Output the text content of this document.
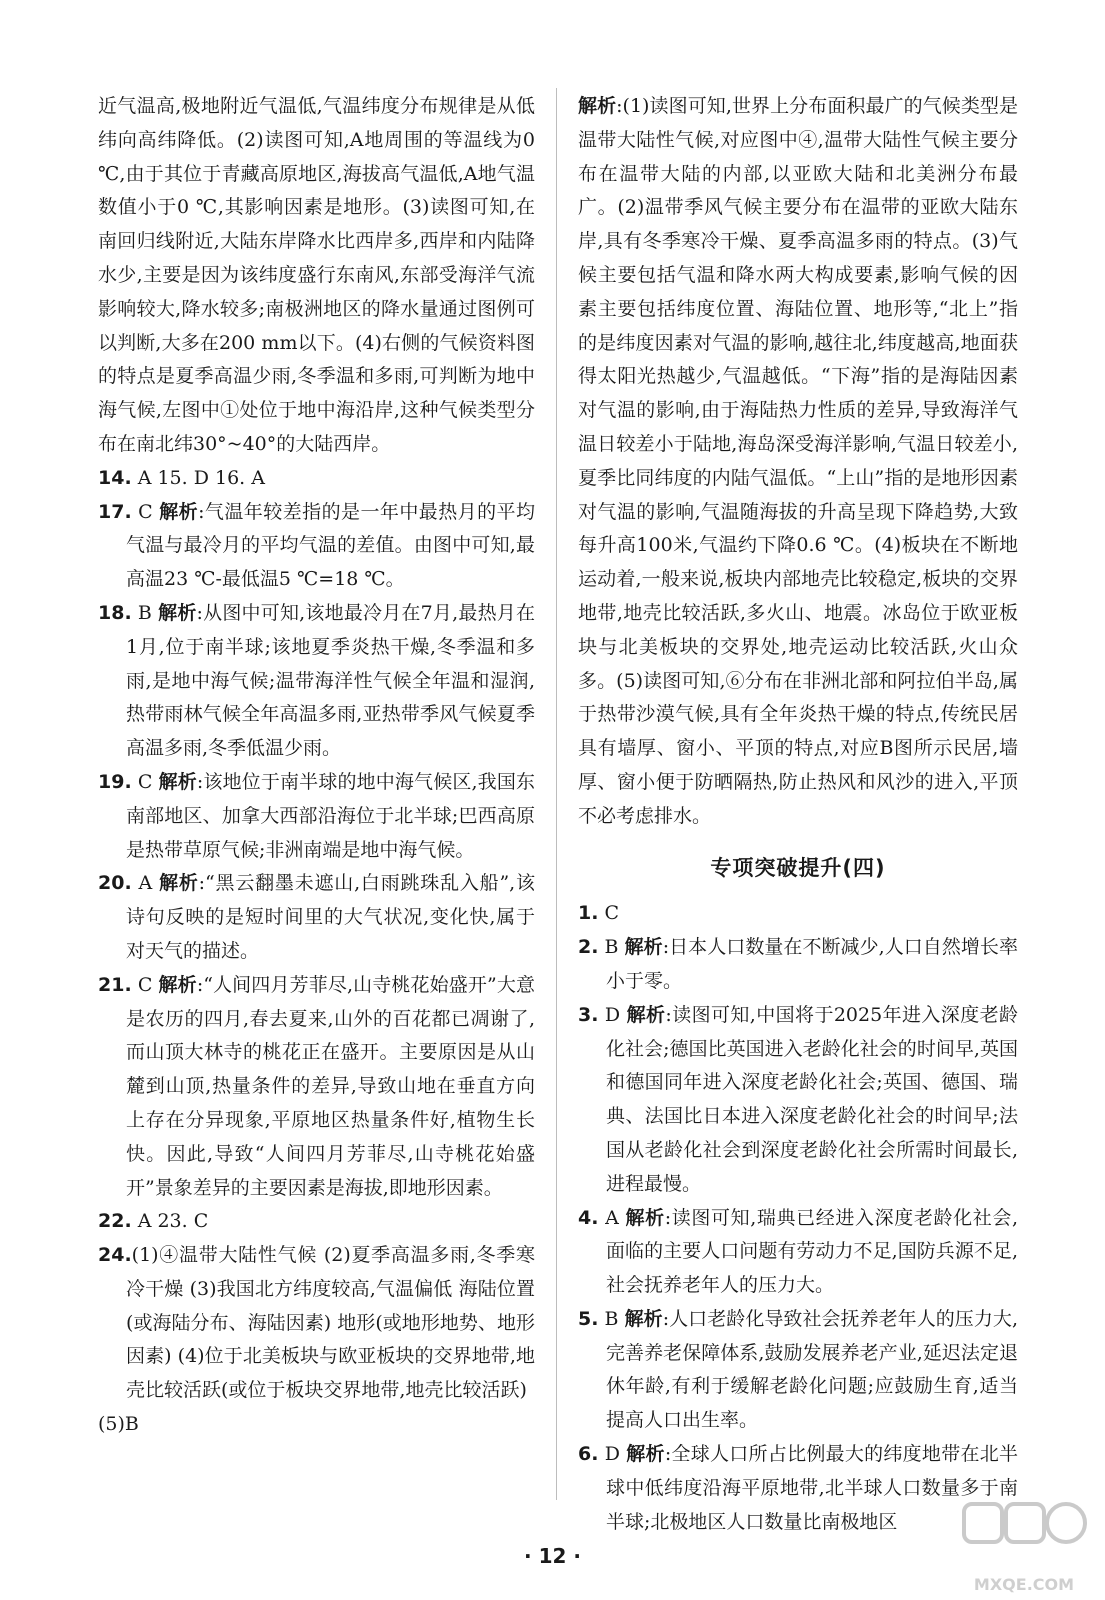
近气温高,极地附近气温低,气温纬度分布规律是从低纬向高纬降低。(2)读图可知,A地周围的等温线为0 ℃,由于其位于青藏高原地区,海拔高气温低,A地气温数值小于0 ℃,其影响因素是地形。(3)读图可知,在南回归线附近,大陆东岸降水比西岸多,西岸和内陆降水少,主要是因为该纬度盛行东南风,东部受海洋气流影响较大,降水较多;南极洲地区的降水量通过图例可以判断,大多在200 mm以下。(4)右侧的气候资料图的特点是夏季高温少雨,冬季温和多雨,可判断为地中海气候,左图中①处位于地中海沿岸,这种气候类型分布在南北纬30°~40°的大陆西岸。

14. A 15. D 16. A

17. C 解析:气温年较差指的是一年中最热月的平均气温与最冷月的平均气温的差值。由图中可知,最高温23 ℃-最低温5 ℃=18 ℃。

18. B 解析:从图中可知,该地最冷月在7月,最热月在1月,位于南半球;该地夏季炎热干燥,冬季温和多雨,是地中海气候;温带海洋性气候全年温和湿润,热带雨林气候全年高温多雨,亚热带季风气候夏季高温多雨,冬季低温少雨。

19. C 解析:该地位于南半球的地中海气候区,我国东南部地区、加拿大西部沿海位于北半球;巴西高原是热带草原气候;非洲南端是地中海气候。

20. A 解析:“黑云翻墨未遮山,白雨跳珠乱入船”,该诗句反映的是短时间里的大气状况,变化快,属于对天气的描述。

21. C 解析:“人间四月芳菲尽,山寺桃花始盛开”大意是农历的四月,春去夏来,山外的百花都已凋谢了,而山顶大林寺的桃花正在盛开。主要原因是从山麓到山顶,热量条件的差异,导致山地在垂直方向上存在分异现象,平原地区热量条件好,植物生长快。因此,导致“人间四月芳菲尽,山寺桃花始盛开”景象差异的主要因素是海拔,即地形因素。

22. A 23. C

24.(1)④温带大陆性气候 (2)夏季高温多雨,冬季寒冷干燥 (3)我国北方纬度较高,气温偏低 海陆位置(或海陆分布、海陆因素) 地形(或地形地势、地形因素) (4)位于北美板块与欧亚板块的交界地带,地壳比较活跃(或位于板块交界地带,地壳比较活跃)

(5)B

解析:(1)读图可知,世界上分布面积最广的气候类型是温带大陆性气候,对应图中④,温带大陆性气候主要分布在温带大陆的内部,以亚欧大陆和北美洲分布最广。(2)温带季风气候主要分布在温带的亚欧大陆东岸,具有冬季寒冷干燥、夏季高温多雨的特点。(3)气候主要包括气温和降水两大构成要素,影响气候的因素主要包括纬度位置、海陆位置、地形等,“北上”指的是纬度因素对气温的影响,越往北,纬度越高,地面获得太阳光热越少,气温越低。“下海”指的是海陆因素对气温的影响,由于海陆热力性质的差异,导致海洋气温日较差小于陆地,海岛深受海洋影响,气温日较差小,夏季比同纬度的内陆气温低。“上山”指的是地形因素对气温的影响,气温随海拔的升高呈现下降趋势,大致每升高100米,气温约下降0.6 ℃。(4)板块在不断地运动着,一般来说,板块内部地壳比较稳定,板块的交界地带,地壳比较活跃,多火山、地震。冰岛位于欧亚板块与北美板块的交界处,地壳运动比较活跃,火山众多。(5)读图可知,⑥分布在非洲北部和阿拉伯半岛,属于热带沙漠气候,具有全年炎热干燥的特点,传统民居具有墙厚、窗小、平顶的特点,对应B图所示民居,墙厚、窗小便于防晒隔热,防止热风和风沙的进入,平顶不必考虑排水。

专项突破提升(四)

1. C

2. B 解析:日本人口数量在不断减少,人口自然增长率小于零。

3. D 解析:读图可知,中国将于2025年进入深度老龄化社会;德国比英国进入老龄化社会的时间早,英国和德国同年进入深度老龄化社会;英国、德国、瑞典、法国比日本进入深度老龄化社会的时间早;法国从老龄化社会到深度老龄化社会所需时间最长,进程最慢。

4. A 解析:读图可知,瑞典已经进入深度老龄化社会,面临的主要人口问题有劳动力不足,国防兵源不足,社会抚养老年人的压力大。

5. B 解析:人口老龄化导致社会抚养老年人的压力大,完善养老保障体系,鼓励发展养老产业,延迟法定退休年龄,有利于缓解老龄化问题;应鼓励生育,适当提高人口出生率。

6. D 解析:全球人口所占比例最大的纬度地带在北半球中低纬度沿海平原地带,北半球人口数量多于南半球;北极地区人口数量比南极地区

· 12 ·
MXQE.COM
